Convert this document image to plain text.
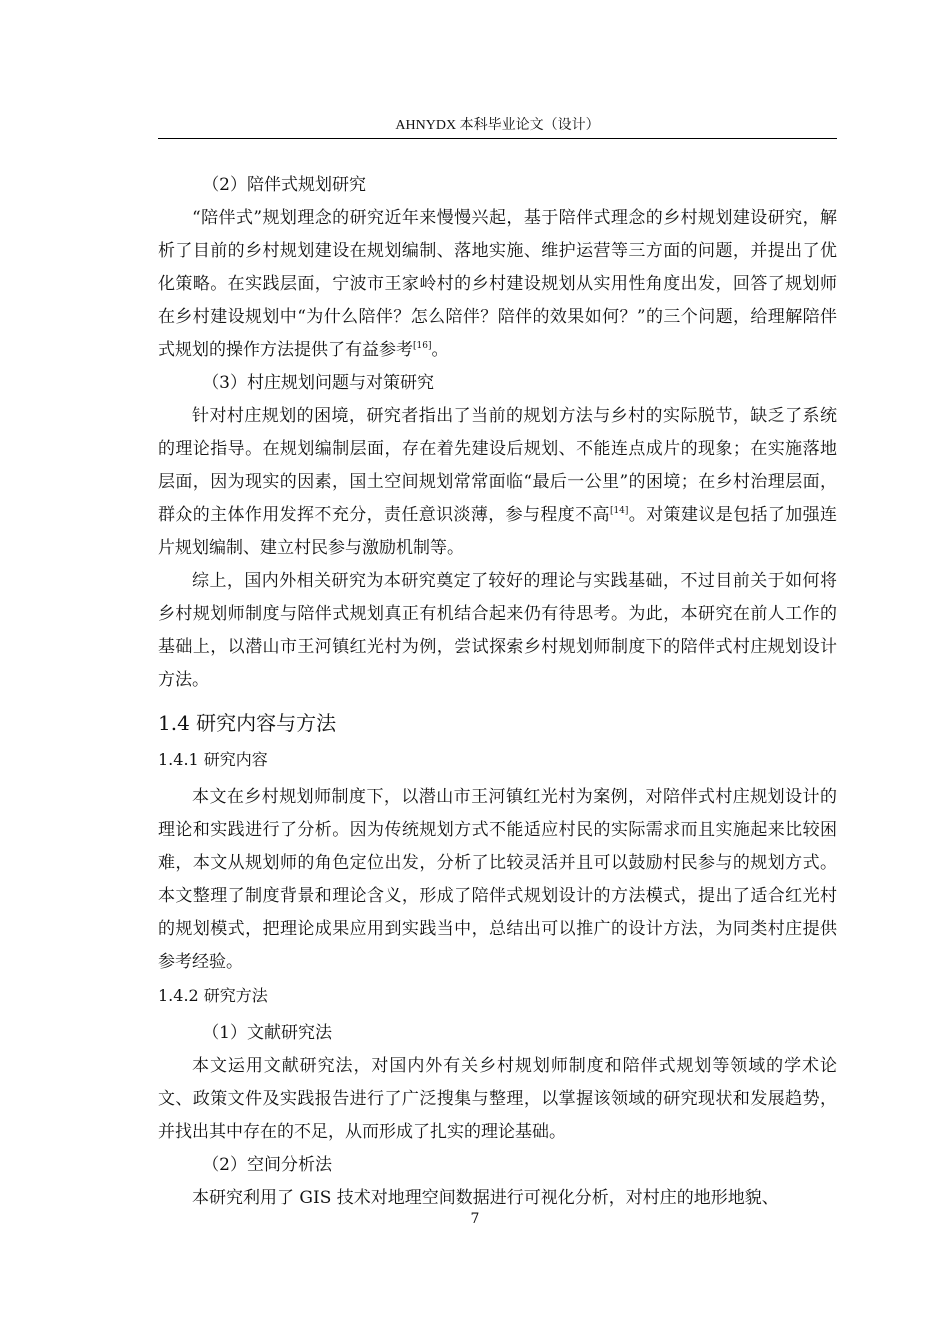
AHNYDX 本科毕业论文（设计）

（2）陪伴式规划研究

“陪伴式”规划理念的研究近年来慢慢兴起，基于陪伴式理念的乡村规划建设研究，解析了目前的乡村规划建设在规划编制、落地实施、维护运营等三方面的问题，并提出了优化策略。在实践层面，宁波市王家岭村的乡村建设规划从实用性角度出发，回答了规划师在乡村建设规划中“为什么陪伴？怎么陪伴？陪伴的效果如何？”的三个问题，给理解陪伴式规划的操作方法提供了有益参考[16]。

（3）村庄规划问题与对策研究

针对村庄规划的困境，研究者指出了当前的规划方法与乡村的实际脱节，缺乏了系统的理论指导。在规划编制层面，存在着先建设后规划、不能连点成片的现象；在实施落地层面，因为现实的因素，国土空间规划常常面临“最后一公里”的困境；在乡村治理层面，群众的主体作用发挥不充分，责任意识淡薄，参与程度不高[14]。对策建议是包括了加强连片规划编制、建立村民参与激励机制等。

综上，国内外相关研究为本研究奠定了较好的理论与实践基础，不过目前关于如何将乡村规划师制度与陪伴式规划真正有机结合起来仍有待思考。为此，本研究在前人工作的基础上，以潜山市王河镇红光村为例，尝试探索乡村规划师制度下的陪伴式村庄规划设计方法。

1.4 研究内容与方法
1.4.1 研究内容

本文在乡村规划师制度下，以潜山市王河镇红光村为案例，对陪伴式村庄规划设计的理论和实践进行了分析。因为传统规划方式不能适应村民的实际需求而且实施起来比较困难，本文从规划师的角色定位出发，分析了比较灵活并且可以鼓励村民参与的规划方式。本文整理了制度背景和理论含义，形成了陪伴式规划设计的方法模式，提出了适合红光村的规划模式，把理论成果应用到实践当中，总结出可以推广的设计方法，为同类村庄提供参考经验。

1.4.2 研究方法

（1）文献研究法

本文运用文献研究法，对国内外有关乡村规划师制度和陪伴式规划等领域的学术论文、政策文件及实践报告进行了广泛搜集与整理，以掌握该领域的研究现状和发展趋势，并找出其中存在的不足，从而形成了扎实的理论基础。

（2）空间分析法

本研究利用了 GIS 技术对地理空间数据进行可视化分析，对村庄的地形地貌、

7
